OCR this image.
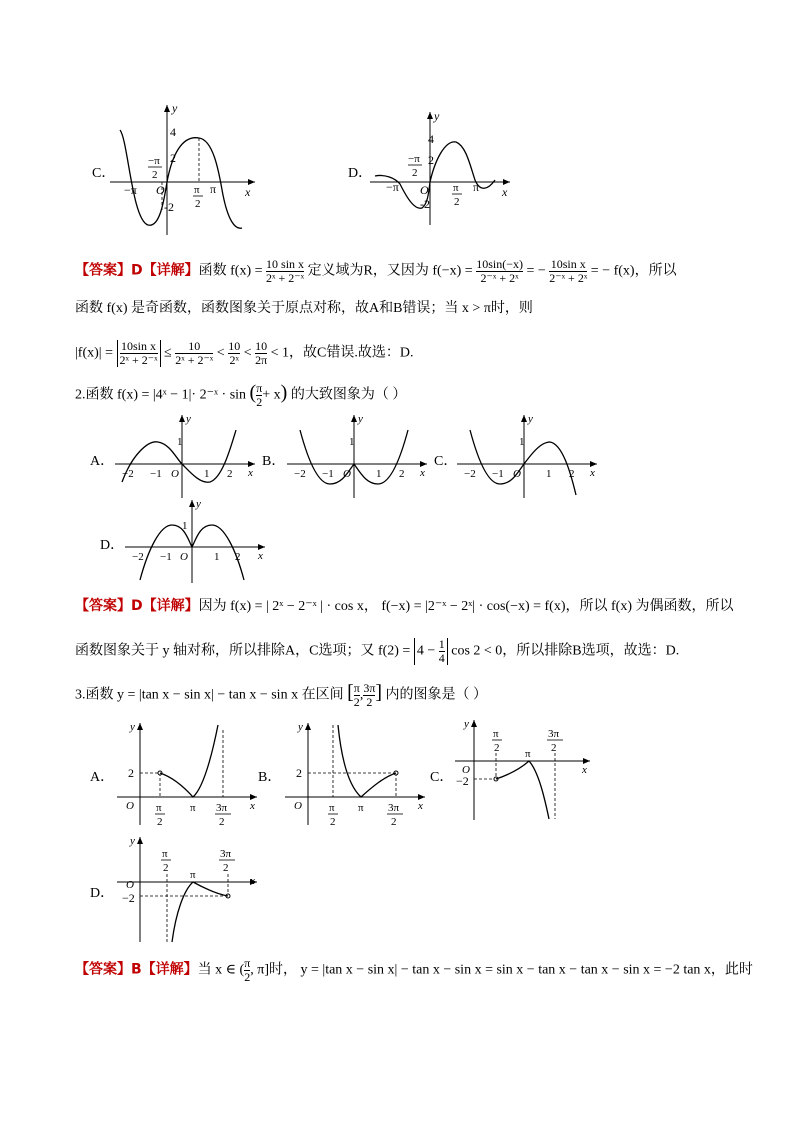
C．
y
x
O
4
2
-2
−π	π
π
2
−π
2	D．
y
x
O
4
2
-2
−π	π
π
2
−π
2
【答案】D【详解】函数 $f(x) = \frac{\text{10 sin x}}{\text{2ˣ + 2⁻ˣ}}$ 定义域为R，又因为 $f(-x) = \frac{10\sin(-x)}{\text{2⁻ˣ + 2ˣ}}$ = − $\frac{\text{10sin x}}{\text{2⁻ˣ + 2ˣ}}$ = − f(x)，所以
函数 f(x) 是奇函数，函数图象关于原点对称，故A和B错误；当 x > π时，则
$|f(x)| = \frac{\text{10sin x}}{\text{2ˣ + 2⁻ˣ}} \le \frac{10}{\text{2ˣ + 2⁻ˣ}} < \frac{10}{\text{2ˣ}} < \frac{10}{2\pi} < 1$，故C错误.故选：D.
2.函数 f(x) = |4ˣ − 1|· 2⁻ˣ · sin ( $\frac{\pi}{2} + x$) 的大致图象为（ ）
A．
y
x
1
−2 −1 O 1 2
B．
y
x
1
−2 −1 O 1 2
C．
y
x
1
−2 −1 O 1 2
D．
y
x
1
−2 −1 O 1 2
【答案】D【详解】因为 f(x) = | 2ˣ − 2⁻ˣ | · cos x， f(−x) = |2⁻ˣ − 2ˣ| · cos(−x) = f(x)，所以 f(x) 为偶函数，所以
函数图象关于 y 轴对称，所以排除A，C选项；又 $f(2) = 4 - \frac{1}{4}$ cos 2 < 0，所以排除B选项，故选：D.
3.函数 y = |tan x − sin x| − tan x − sin x 在区间 [ $\frac{\pi}{2}$ , $\frac{3\pi}{2}$ ] 内的图象是（ ）
A．
y
x
O
2
π
2
π 3π
2
B．
y
x
O
2
π
2
π 3π
2
C．
y
x
O
−2
π
2 π
3π
2
D．
y
x
O
−2
π
2
π
3π
2
【答案】B【详解】当 x ∈ ( $\frac{\pi}{2}$ , π]时， y = |tan x − sin x| − tan x − sin x = sin x − tan x − tan x − sin x = −2 tan x，此时
